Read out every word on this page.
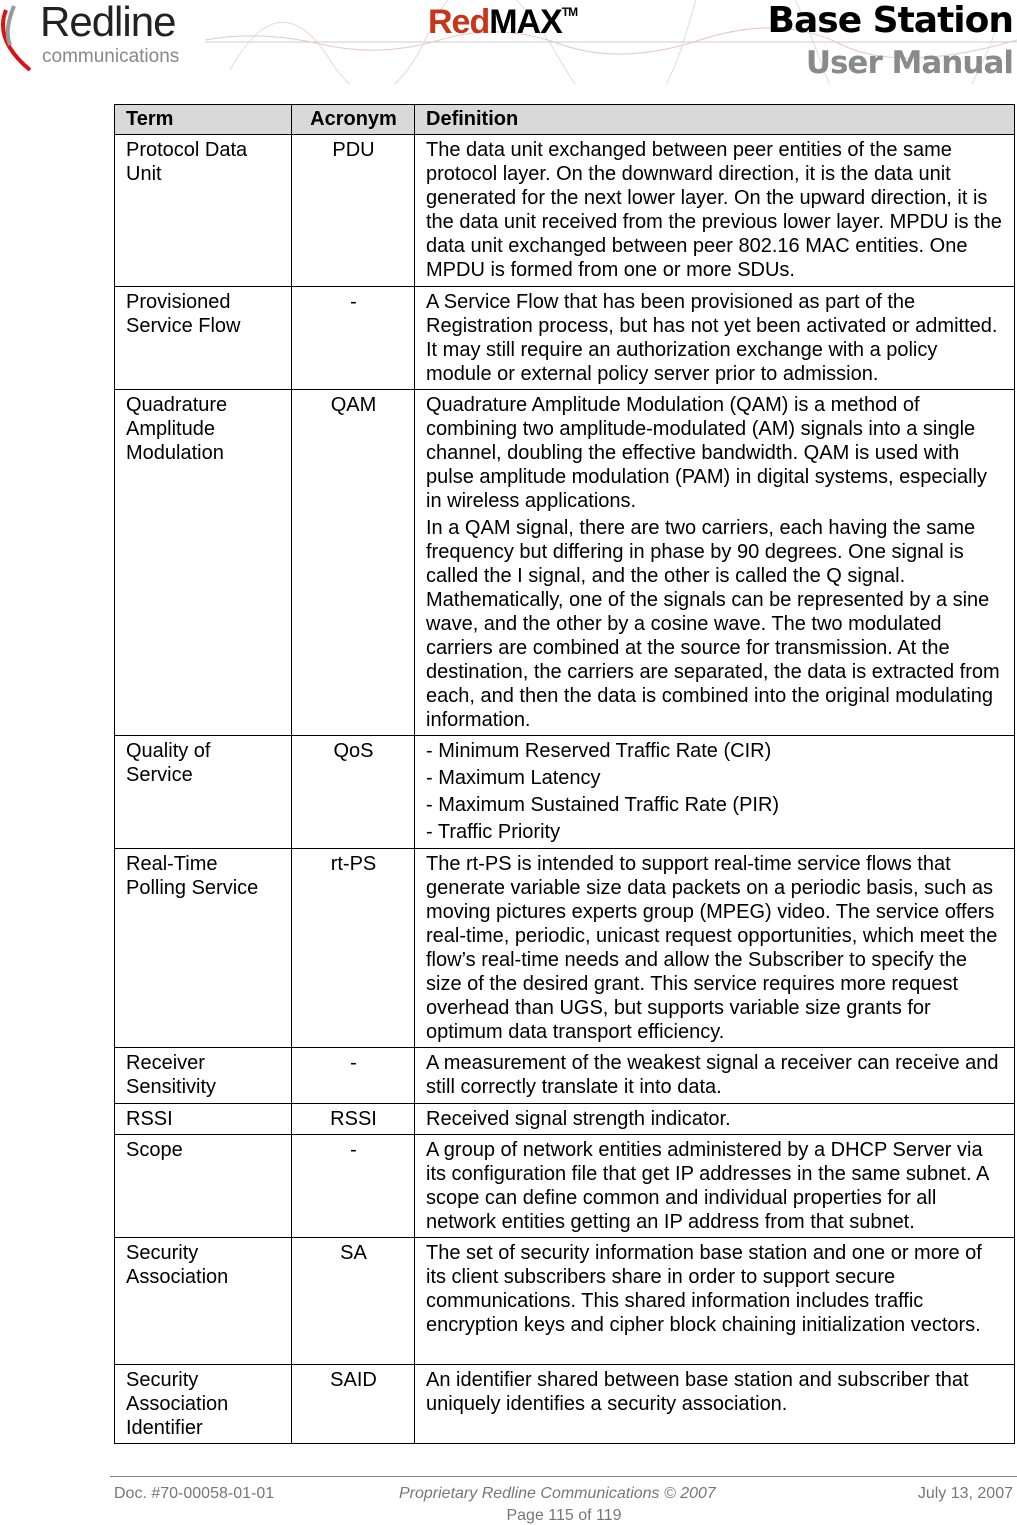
Redline
communications
RedMAX™	Base Station
User Manual
Term	Acronym	Definition
Protocol Data Unit	PDU	The data unit exchanged between peer entities of the same protocol layer. On the downward direction, it is the data unit generated for the next lower layer. On the upward direction, it is the data unit received from the previous lower layer. MPDU is the data unit exchanged between peer 802.16 MAC entities. One MPDU is formed from one or more SDUs.

Provisioned Service Flow	-	A Service Flow that has been provisioned as part of the Registration process, but has not yet been activated or admitted. It may still require an authorization exchange with a policy module or external policy server prior to admission.

Quadrature Amplitude Modulation	QAM	Quadrature Amplitude Modulation (QAM) is a method of combining two amplitude-modulated (AM) signals into a single channel, doubling the effective bandwidth. QAM is used with pulse amplitude modulation (PAM) in digital systems, especially in wireless applications.

In a QAM signal, there are two carriers, each having the same frequency but differing in phase by 90 degrees. One signal is called the I signal, and the other is called the Q signal. Mathematically, one of the signals can be represented by a sine wave, and the other by a cosine wave. The two modulated carriers are combined at the source for transmission. At the destination, the carriers are separated, the data is extracted from each, and then the data is combined into the original modulating information.

Quality of Service	QoS	- Minimum Reserved Traffic Rate (CIR)

- Maximum Latency

- Maximum Sustained Traffic Rate (PIR)

- Traffic Priority

Real-Time Polling Service	rt-PS	The rt-PS is intended to support real-time service flows that generate variable size data packets on a periodic basis, such as moving pictures experts group (MPEG) video. The service offers real-time, periodic, unicast request opportunities, which meet the flow’s real-time needs and allow the Subscriber to specify the size of the desired grant. This service requires more request overhead than UGS, but supports variable size grants for optimum data transport efficiency.

Receiver Sensitivity	-	A measurement of the weakest signal a receiver can receive and still correctly translate it into data.

RSSI	RSSI	Received signal strength indicator.

Scope	-	A group of network entities administered by a DHCP Server via its configuration file that get IP addresses in the same subnet. A scope can define common and individual properties for all network entities getting an IP address from that subnet.

Security Association	SA	The set of security information base station and one or more of its client subscribers share in order to support secure communications. This shared information includes traffic encryption keys and cipher block chaining initialization vectors.

Security Association Identifier	SAID	An identifier shared between base station and subscriber that uniquely identifies a security association.

Doc. #70-00058-01-01	Proprietary Redline Communications © 2007	July 13, 2007
Page 115 of 119
